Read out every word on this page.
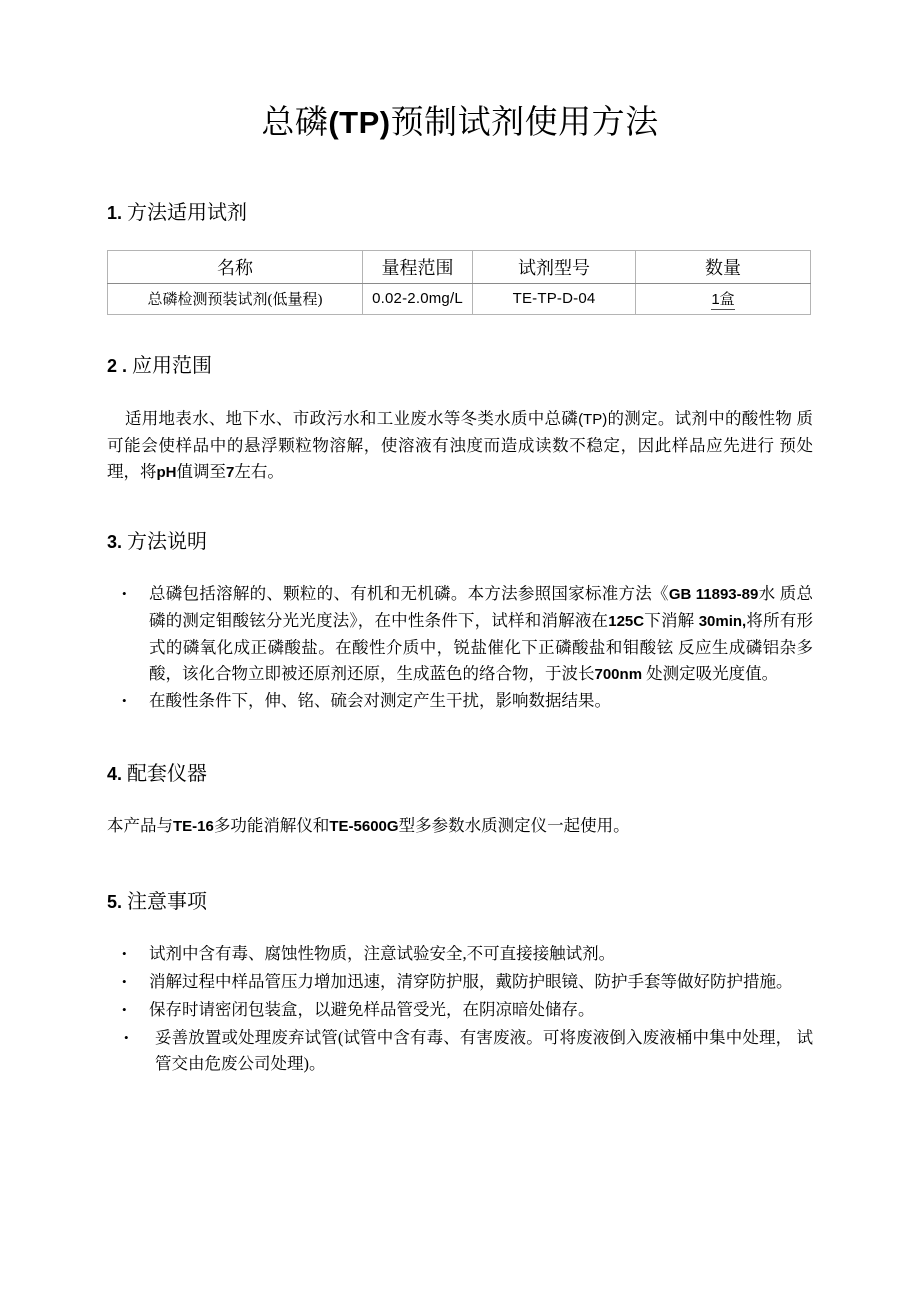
总磷(TP)预制试剂使用方法
1. 方法适用试剂
名称	量程范围	试剂型号	数量
总磷检测预装试剂(低量程)	0.02-2.0mg/L	TE-TP-D-04	1盒
2 . 应用范围

适用地表水、地下水、市政污水和工业废水等冬类水质中总磷(TP)的测定。试剂中的酸性物 质可能会使样品中的悬浮颗粒物溶解，使溶液有浊度而造成读数不稳定，因此样品应先进行 预处理，将pH值调至7左右。

3. 方法说明
• 总磷包括溶解的、颗粒的、有机和无机磷。本方法参照国家标准方法《GB 11893-89水 质总磷的测定钼酸铉分光光度法》，在中性条件下，试样和消解液在125C下消解 30min,将所有形式的磷氧化成正磷酸盐。在酸性介质中，锐盐催化下正磷酸盐和钼酸铉 反应生成磷铝杂多酸，该化合物立即被还原剂还原，生成蓝色的络合物，于波长700nm 处测定吸光度值。
• 在酸性条件下，伸、铭、硫会对测定产生干扰，影响数据结果。
4. 配套仪器

本产品与TE-16多功能消解仪和TE-5600G型多参数水质测定仪一起使用。

5. 注意事项
• 试剂中含有毒、腐蚀性物质，注意试验安全,不可直接接触试剂。
• 消解过程中样品管压力增加迅速，清穿防护服，戴防护眼镜、防护手套等做好防护措施。
• 保存时请密闭包装盒，以避免样品管受光，在阴凉暗处储存。
• 妥善放置或处理废弃试管(试管中含有毒、有害废液。可将废液倒入废液桶中集中处理， 试管交由危废公司处理)。
